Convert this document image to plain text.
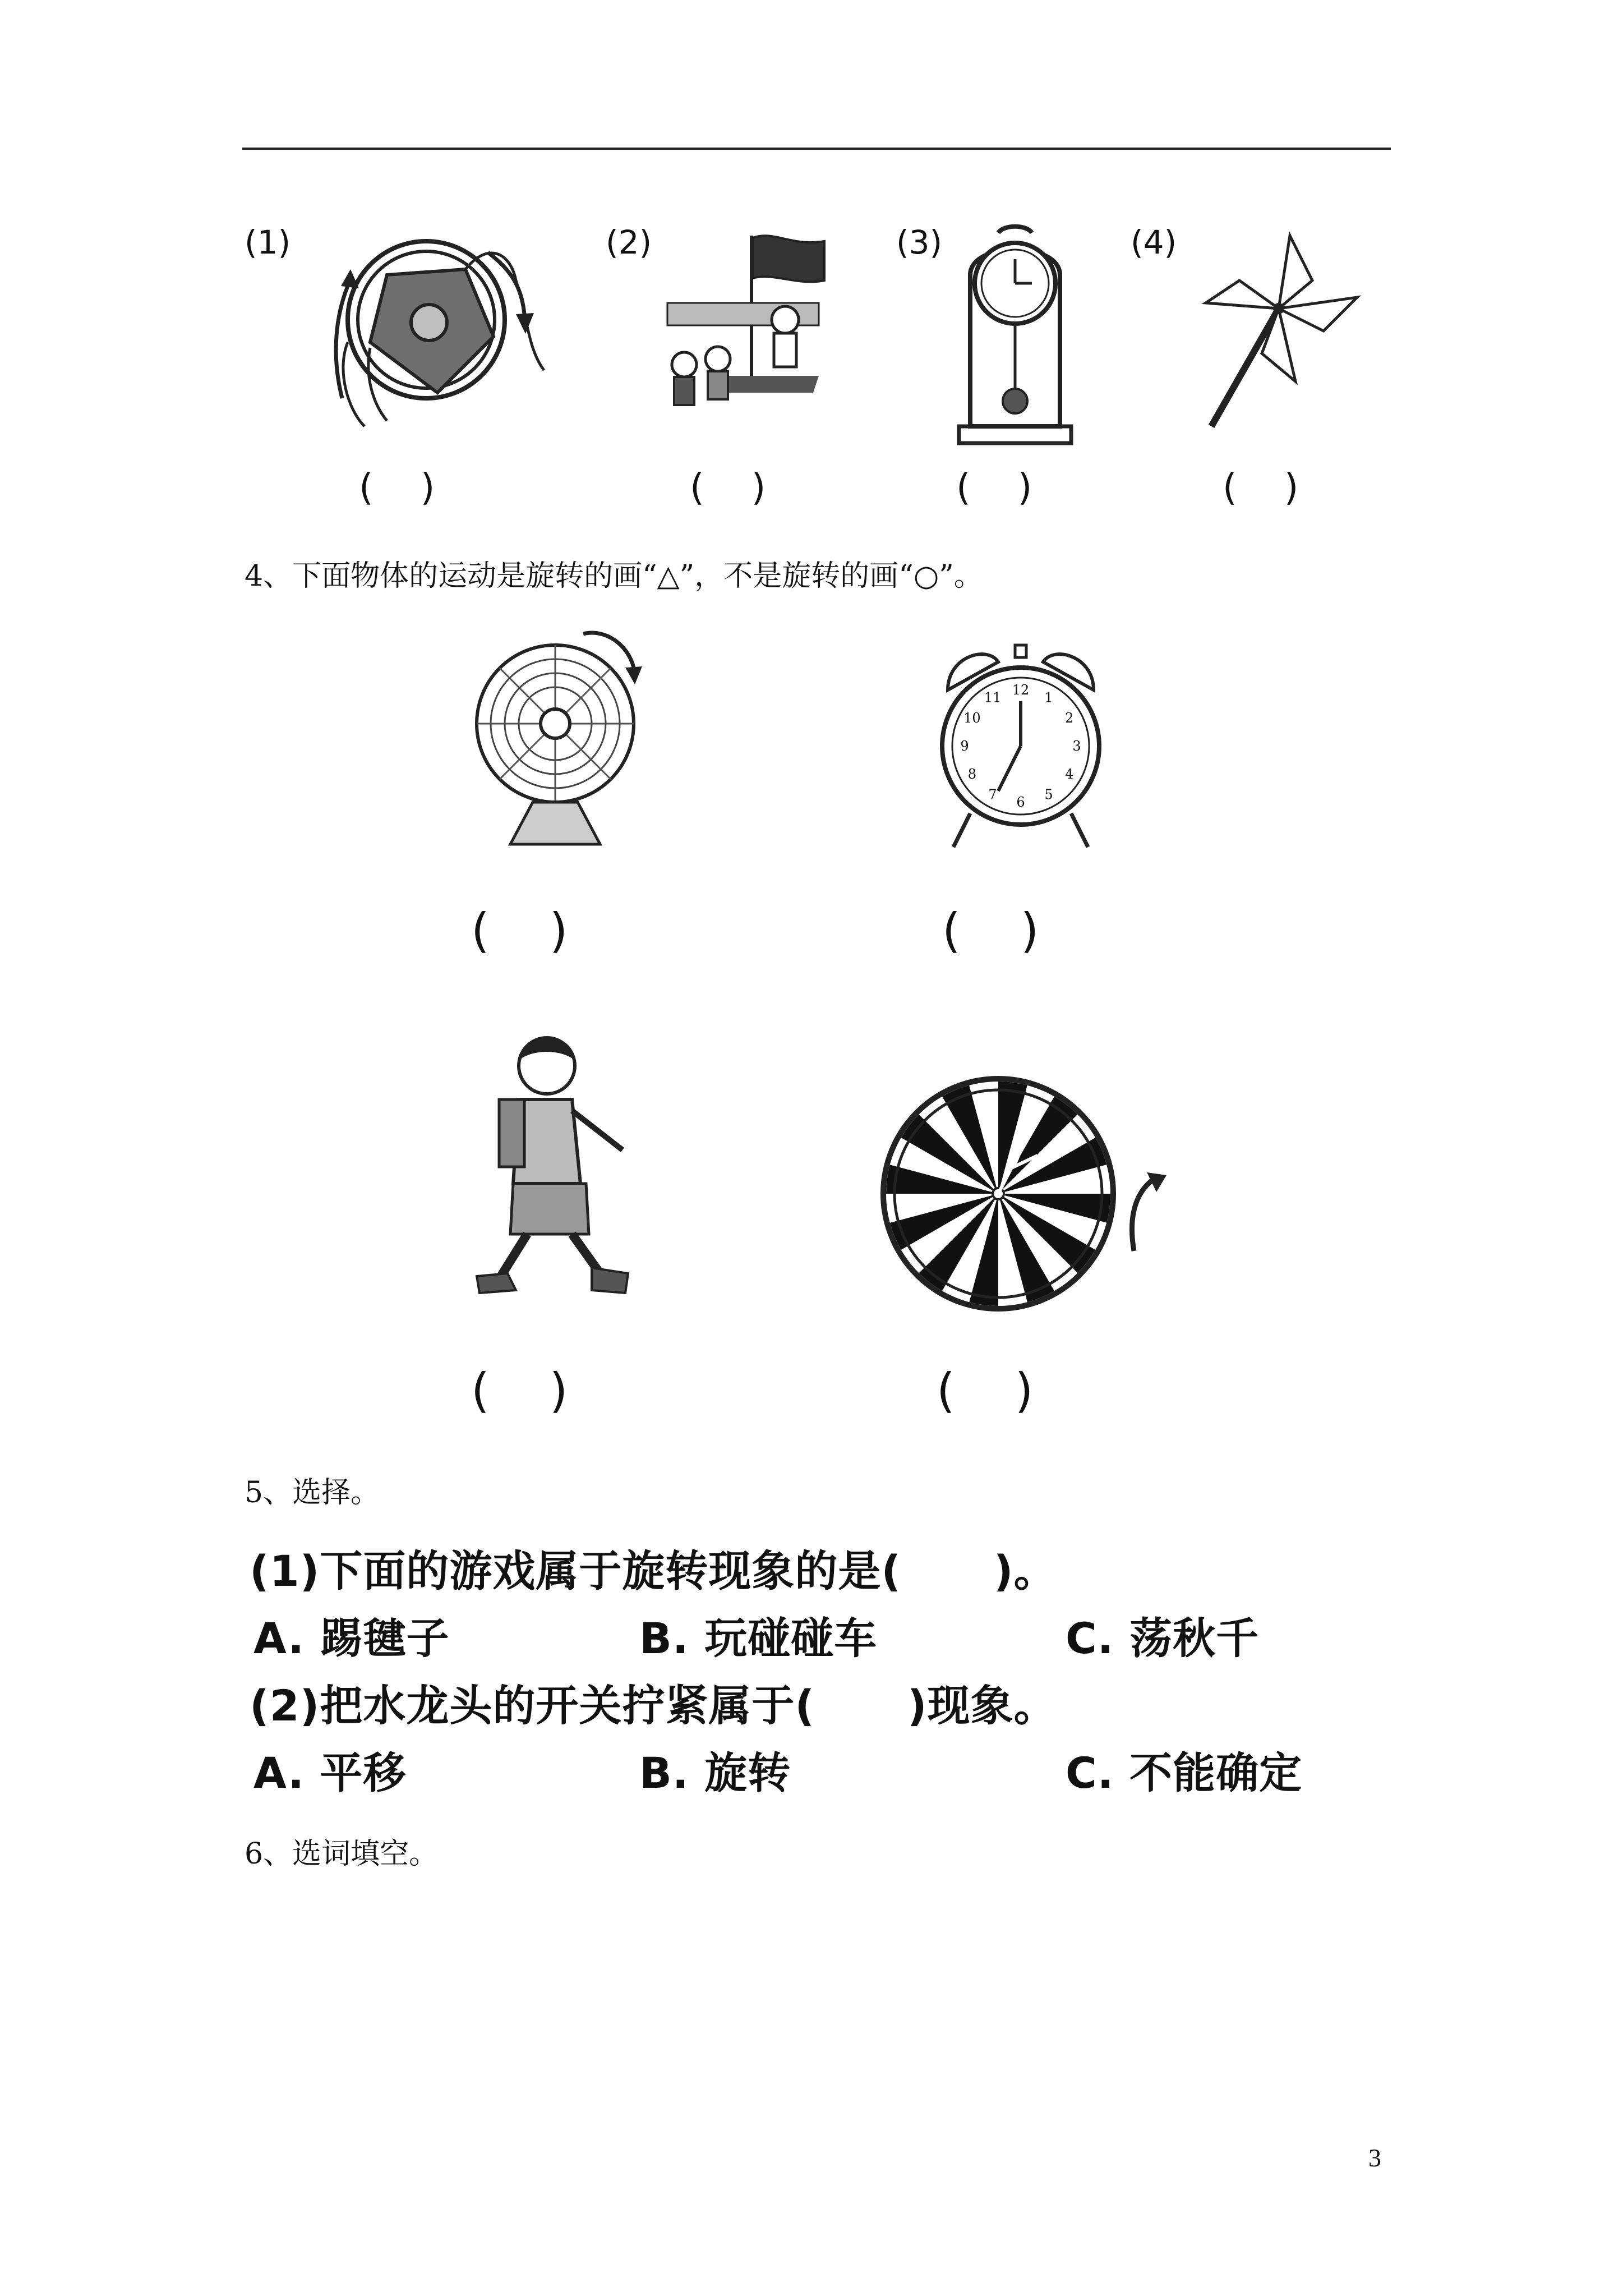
(1)	(2)	(3)	(4)
(    )	(    )	(    )	(    )
4、下面物体的运动是旋转的画“△”，不是旋转的画“○”。
12 1
2
3
4
5
6
7
8
9
10
11
(    )	(    )
(    )	(    )
5、选择。
(1)下面的游戏属于旋转现象的是(      )。
A. 踢毽子	B. 玩碰碰车	C. 荡秋千
(2)把水龙头的开关拧紧属于(      )现象。
A. 平移	B. 旋转	C. 不能确定
6、选词填空。
3
